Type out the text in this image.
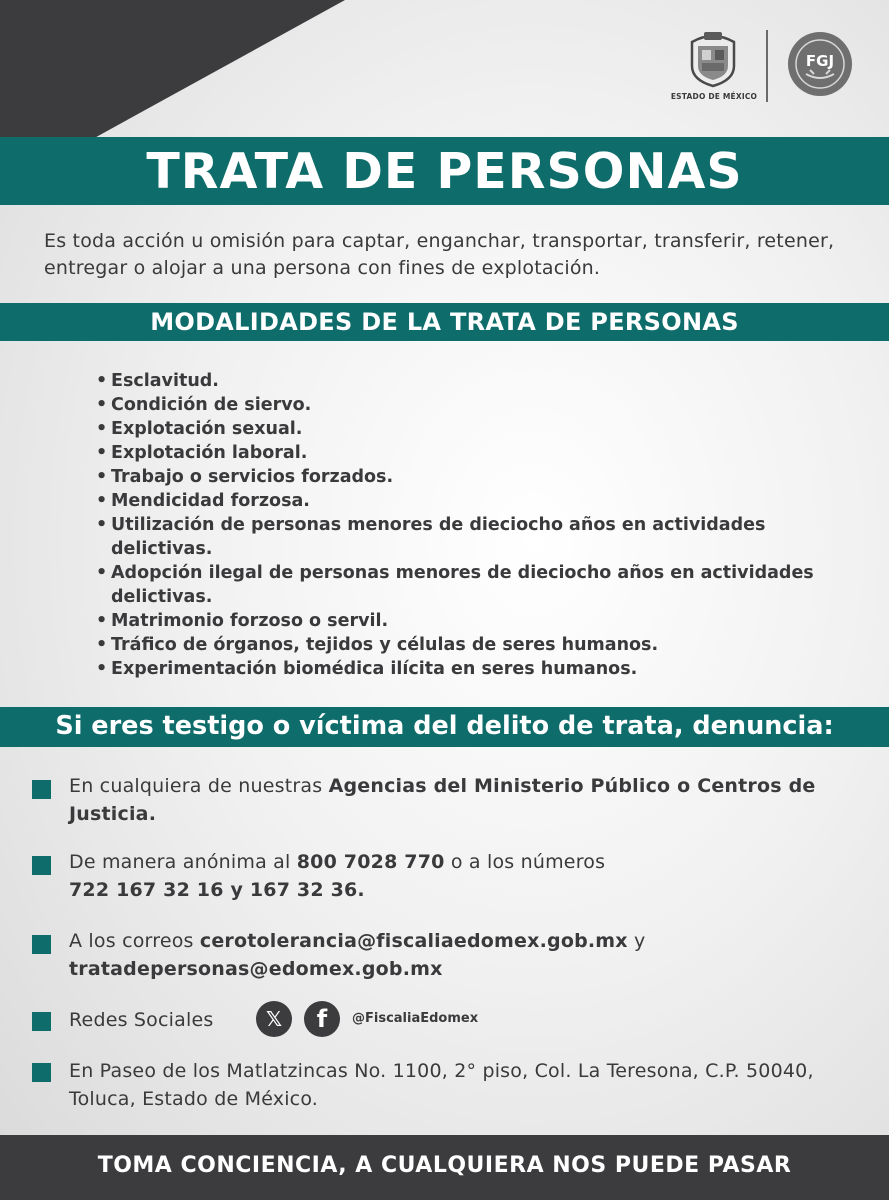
ESTADO DE MÉXICO
FGJ
TRATA DE PERSONAS
Es toda acción u omisión para captar, enganchar, transportar, transferir, retener, entregar o alojar a una persona con fines de explotación.
MODALIDADES DE LA TRATA DE PERSONAS
• Esclavitud.
• Condición de siervo.
• Explotación sexual.
• Explotación laboral.
• Trabajo o servicios forzados.
• Mendicidad forzosa.
• Utilización de personas menores de dieciocho años en actividades delictivas.
• Adopción ilegal de personas menores de dieciocho años en actividades delictivas.
• Matrimonio forzoso o servil.
• Tráfico de órganos, tejidos y células de seres humanos.
• Experimentación biomédica ilícita en seres humanos.
Si eres testigo o víctima del delito de trata, denuncia:
En cualquiera de nuestras Agencias del Ministerio Público o Centros de Justicia.
De manera anónima al 800 7028 770 o a los números
722 167 32 16 y 167 32 36.
A los correos cerotolerancia@fiscaliaedomex.gob.mx y
tratadepersonas@edomex.gob.mx
Redes Sociales	𝕏	f	@FiscaliaEdomex
En Paseo de los Matlatzincas No. 1100, 2° piso, Col. La Teresona, C.P. 50040, Toluca, Estado de México.
TOMA CONCIENCIA, A CUALQUIERA NOS PUEDE PASAR
